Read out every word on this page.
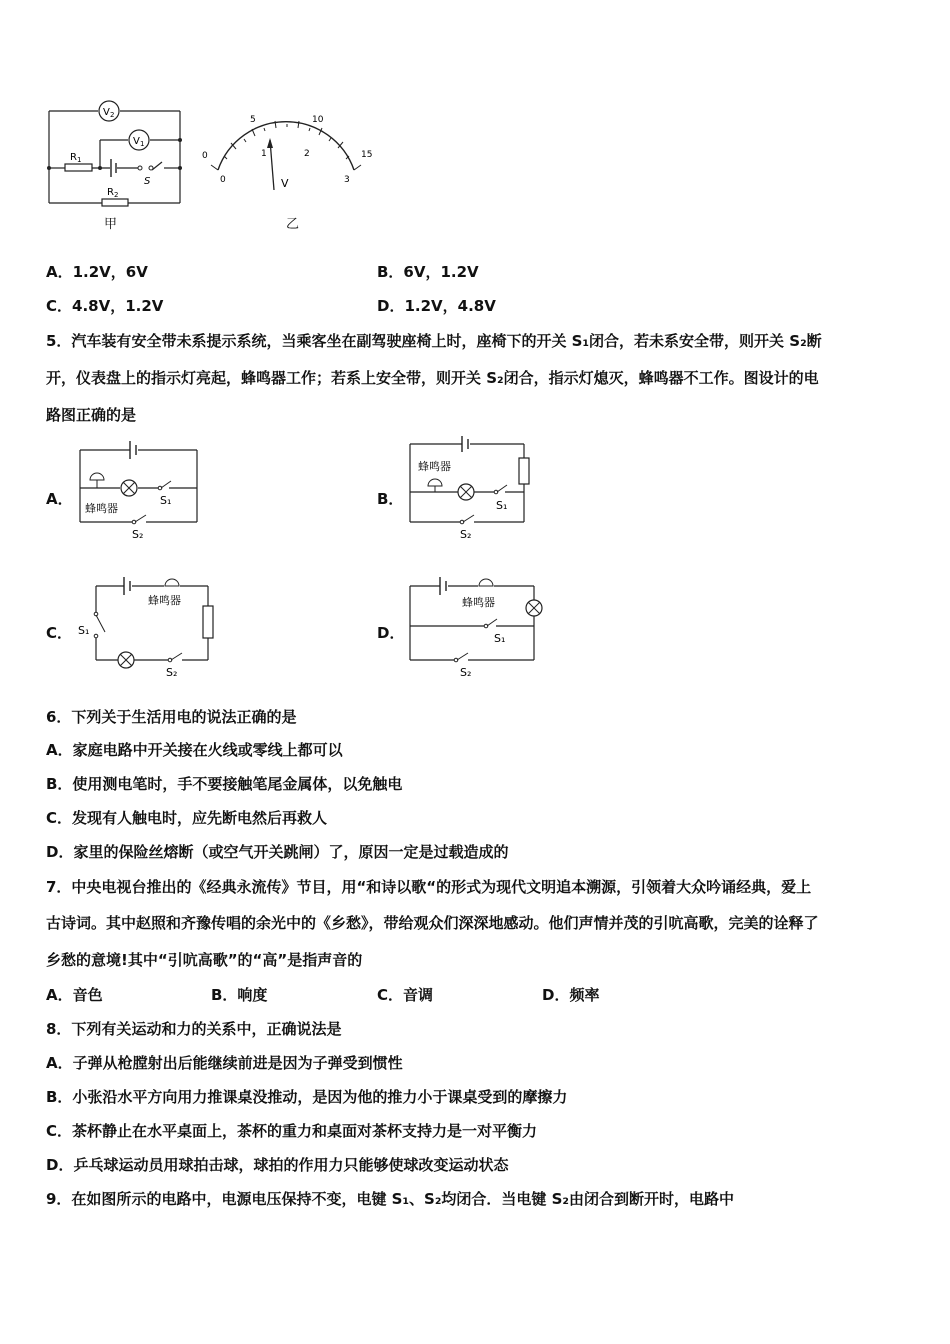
V 2
V 1
R 1
S
R 2
甲
0
5	10
15
0
1	2
3
V
乙
A．1.2V，6V	B．6V，1.2V
C．4.8V，1.2V	D．1.2V，4.8V
5．汽车装有安全带未系提示系统，当乘客坐在副驾驶座椅上时，座椅下的开关 S₁闭合，若未系安全带，则开关 S₂断
开，仪表盘上的指示灯亮起，蜂鸣器工作；若系上安全带，则开关 S₂闭合，指示灯熄灭，蜂鸣器不工作。图设计的电
路图正确的是
A．	B．
C．	D．
S₁
蜂鸣器
S₂
蜂鸣器
S₁
S₂
蜂鸣器
S₁
S₂
蜂鸣器
S₁
S₂
6．下列关于生活用电的说法正确的是
A．家庭电路中开关接在火线或零线上都可以
B．使用测电笔时，手不要接触笔尾金属体，以免触电
C．发现有人触电时，应先断电然后再救人
D．家里的保险丝熔断（或空气开关跳闸）了，原因一定是过载造成的
7．中央电视台推出的《经典永流传》节目，用“和诗以歌“的形式为现代文明追本溯源，引领着大众吟诵经典，爱上
古诗词。其中赵照和齐豫传唱的余光中的《乡愁》，带给观众们深深地感动。他们声情并茂的引吭高歌，完美的诠释了
乡愁的意境!其中“引吭高歌”的“高”是指声音的
A．音色	B．响度	C．音调	D．频率
8．下列有关运动和力的关系中，正确说法是
A．子弹从枪膛射出后能继续前进是因为子弹受到惯性
B．小张沿水平方向用力推课桌没推动，是因为他的推力小于课桌受到的摩擦力
C．茶杯静止在水平桌面上，茶杯的重力和桌面对茶杯支持力是一对平衡力
D．乒乓球运动员用球拍击球，球拍的作用力只能够使球改变运动状态
9．在如图所示的电路中，电源电压保持不变，电键 S₁、S₂均闭合．当电键 S₂由闭合到断开时，电路中
